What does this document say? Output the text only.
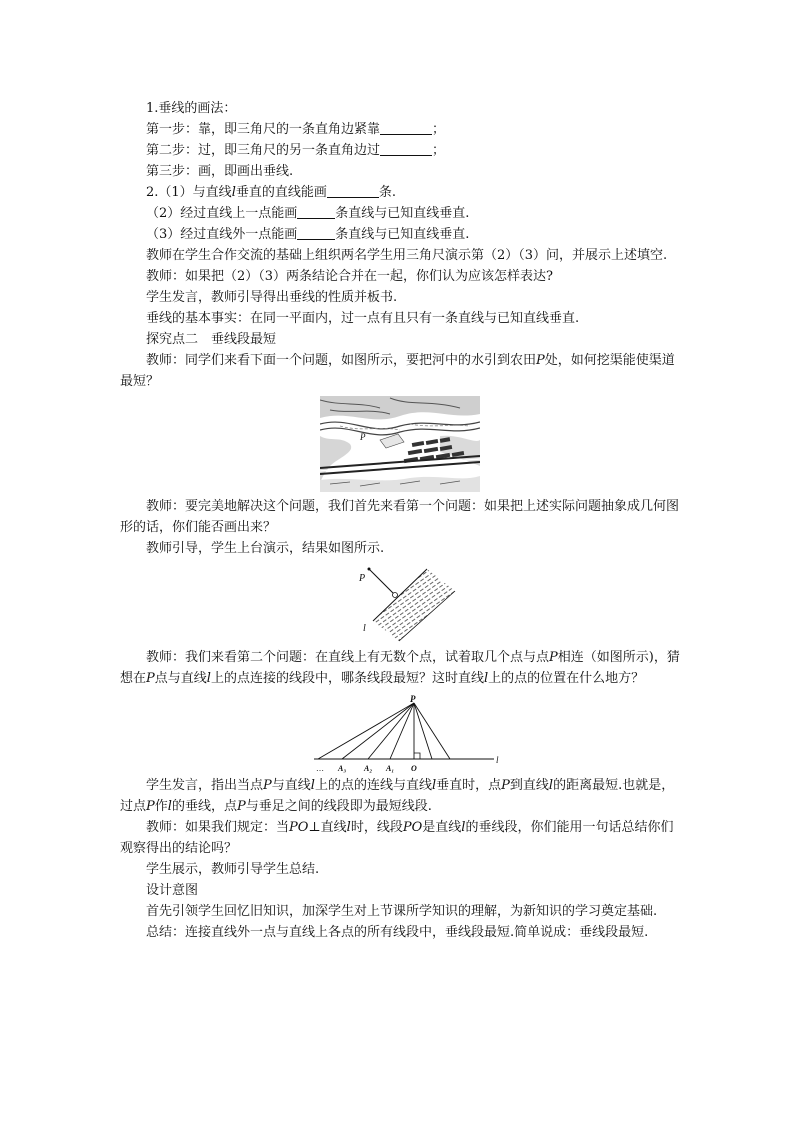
1.垂线的画法：

第一步：靠，即三角尺的一条直角边紧靠	；

第二步：过，即三角尺的另一条直角边过	；

第三步：画，即画出垂线.

2.（1）与直线l垂直的直线能画	条.

（2）经过直线上一点能画	条直线与已知直线垂直.

（3）经过直线外一点能画	条直线与已知直线垂直.

教师在学生合作交流的基础上组织两名学生用三角尺演示第（2）（3）问，并展示上述填空.

教师：如果把（2）（3）两条结论合并在一起，你们认为应该怎样表达?

学生发言，教师引导得出垂线的性质并板书.

垂线的基本事实：在同一平面内，过一点有且只有一条直线与已知直线垂直.

探究点二　垂线段最短

教师：同学们来看下面一个问题，如图所示，要把河中的水引到农田P处，如何挖渠能使渠道最短？

P

教师：要完美地解决这个问题，我们首先来看第一个问题：如果把上述实际问题抽象成几何图形的话，你们能否画出来？

教师引导，学生上台演示，结果如图所示.

P
l

教师：我们来看第二个问题：在直线上有无数个点，试着取几个点与点P相连（如图所示)，猜想在P点与直线l上的点连接的线段中，哪条线段最短？这时直线l上的点的位置在什么地方？

P
l
… A₃ A₂ A₁ O

学生发言，指出当点P与直线l上的点的连线与直线l垂直时，点P到直线l的距离最短.也就是，过点P作l的垂线，点P与垂足之间的线段即为最短线段.

教师：如果我们规定：当PO⊥直线l时，线段PO是直线l的垂线段，你们能用一句话总结你们观察得出的结论吗？

学生展示，教师引导学生总结.

设计意图

首先引领学生回忆旧知识，加深学生对上节课所学知识的理解，为新知识的学习奠定基础.

总结：连接直线外一点与直线上各点的所有线段中，垂线段最短.简单说成：垂线段最短.
